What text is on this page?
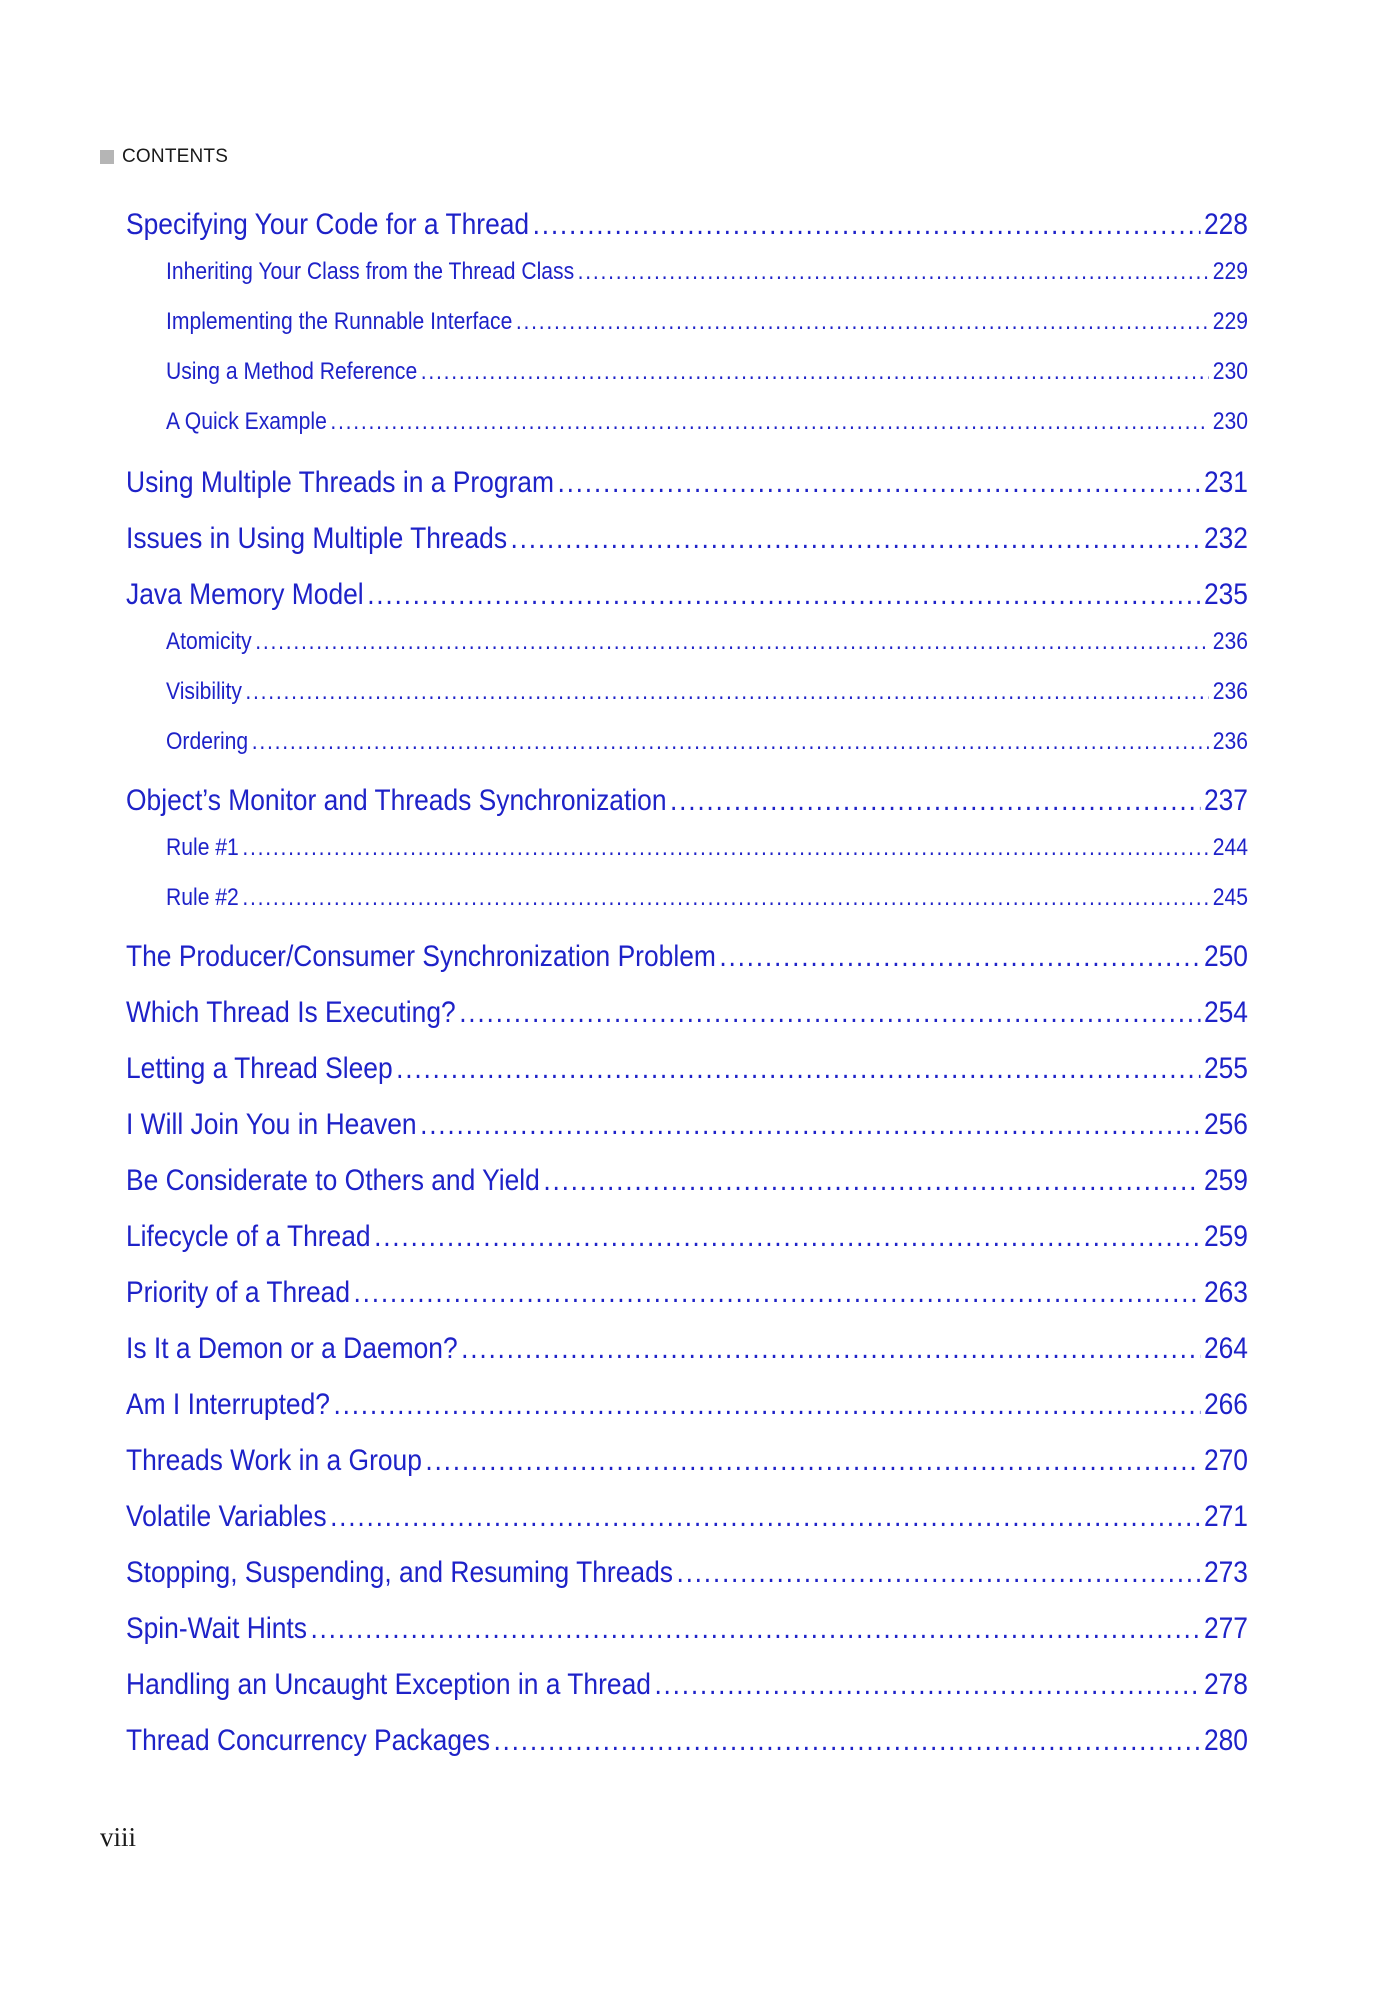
CONTENTS
Specifying Your Code for a Thread .....	228
Inheriting Your Class from the Thread Class .....	229
Implementing the Runnable Interface .....	229
Using a Method Reference .....	230
A Quick Example .....	230
Using Multiple Threads in a Program .....	231
Issues in Using Multiple Threads .....	232
Java Memory Model .....	235
Atomicity .....	236
Visibility .....	236
Ordering .....	236
Object’s Monitor and Threads Synchronization .....	237
Rule #1 .....	244
Rule #2 .....	245
The Producer/Consumer Synchronization Problem .....	250
Which Thread Is Executing? .....	254
Letting a Thread Sleep .....	255
I Will Join You in Heaven .....	256
Be Considerate to Others and Yield .....	259
Lifecycle of a Thread .....	259
Priority of a Thread .....	263
Is It a Demon or a Daemon? .....	264
Am I Interrupted? .....	266
Threads Work in a Group .....	270
Volatile Variables .....	271
Stopping, Suspending, and Resuming Threads .....	273
Spin-Wait Hints .....	277
Handling an Uncaught Exception in a Thread .....	278
Thread Concurrency Packages .....	280
viii
